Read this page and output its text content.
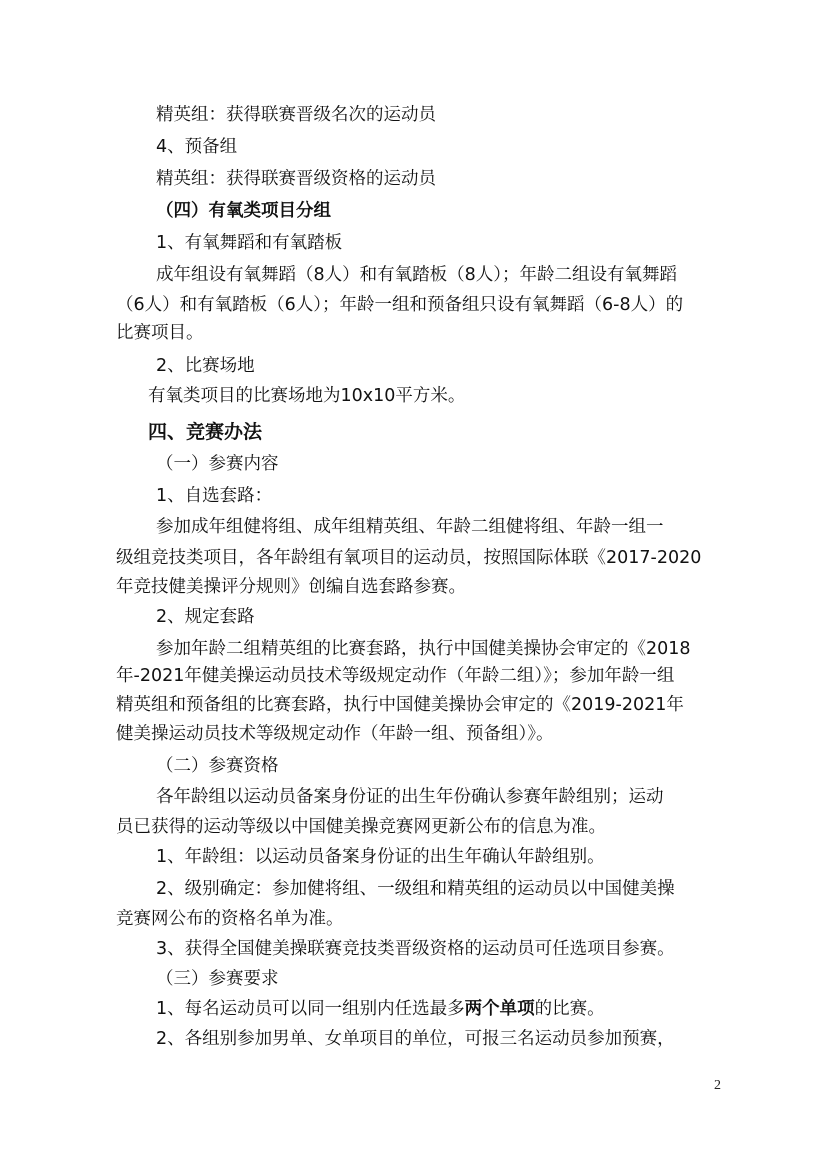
精英组：获得联赛晋级名次的运动员
4、预备组
精英组：获得联赛晋级资格的运动员
（四）有氧类项目分组
1、有氧舞蹈和有氧踏板
成年组设有氧舞蹈（8人）和有氧踏板（8人）；年龄二组设有氧舞蹈
（6人）和有氧踏板（6人）；年龄一组和预备组只设有氧舞蹈（6-8人）的
比赛项目。
2、比赛场地
有氧类项目的比赛场地为10x10平方米。
四、竞赛办法
（一）参赛内容
1、自选套路：
参加成年组健将组、成年组精英组、年龄二组健将组、年龄一组一
级组竞技类项目，各年龄组有氧项目的运动员，按照国际体联《2017-2020
年竞技健美操评分规则》创编自选套路参赛。
2、规定套路
参加年龄二组精英组的比赛套路，执行中国健美操协会审定的《2018
年-2021年健美操运动员技术等级规定动作（年龄二组）》；参加年龄一组
精英组和预备组的比赛套路，执行中国健美操协会审定的《2019-2021年
健美操运动员技术等级规定动作（年龄一组、预备组）》。
（二）参赛资格
各年龄组以运动员备案身份证的出生年份确认参赛年龄组别；运动
员已获得的运动等级以中国健美操竞赛网更新公布的信息为准。
1、年龄组：以运动员备案身份证的出生年确认年龄组别。
2、级别确定：参加健将组、一级组和精英组的运动员以中国健美操
竞赛网公布的资格名单为准。
3、获得全国健美操联赛竞技类晋级资格的运动员可任选项目参赛。
（三）参赛要求
1、每名运动员可以同一组别内任选最多两个单项的比赛。
2、各组别参加男单、女单项目的单位，可报三名运动员参加预赛，
2
